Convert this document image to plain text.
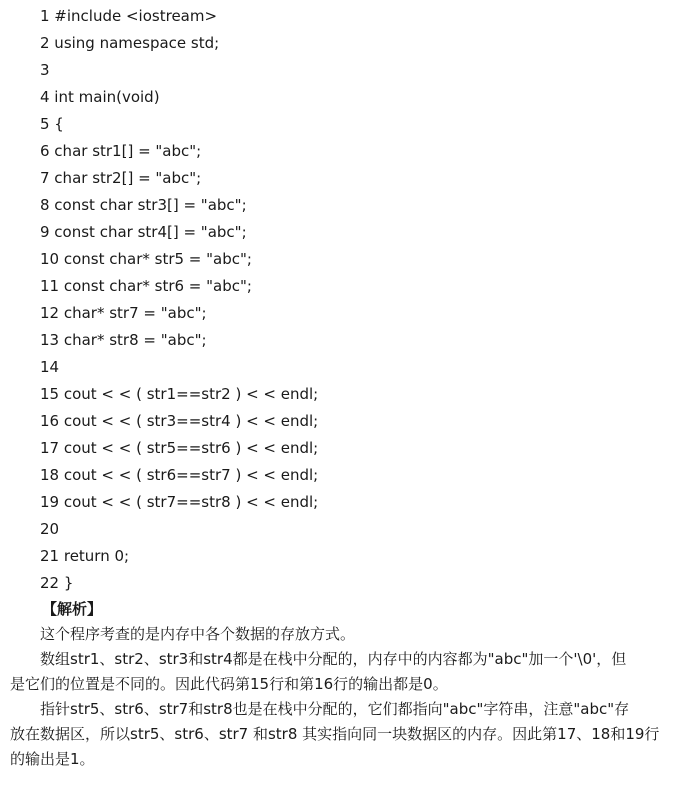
1 #include <iostream>
2 using namespace std;
3
4 int main(void)
5 {
6 char str1[] = "abc";
7 char str2[] = "abc";
8 const char str3[] = "abc";
9 const char str4[] = "abc";
10 const char* str5 = "abc";
11 const char* str6 = "abc";
12 char* str7 = "abc";
13 char* str8 = "abc";
14
15 cout < < ( str1==str2 ) < < endl;
16 cout < < ( str3==str4 ) < < endl;
17 cout < < ( str5==str6 ) < < endl;
18 cout < < ( str6==str7 ) < < endl;
19 cout < < ( str7==str8 ) < < endl;
20
21 return 0;
22 }
【解析】
这个程序考查的是内存中各个数据的存放方式。
数组str1、str2、str3和str4都是在栈中分配的，内存中的内容都为"abc"加一个'\0'，但
是它们的位置是不同的。因此代码第15行和第16行的输出都是0。
指针str5、str6、str7和str8也是在栈中分配的，它们都指向"abc"字符串，注意"abc"存
放在数据区，所以str5、str6、str7 和str8 其实指向同一块数据区的内存。因此第17、18和19行
的输出是1。
